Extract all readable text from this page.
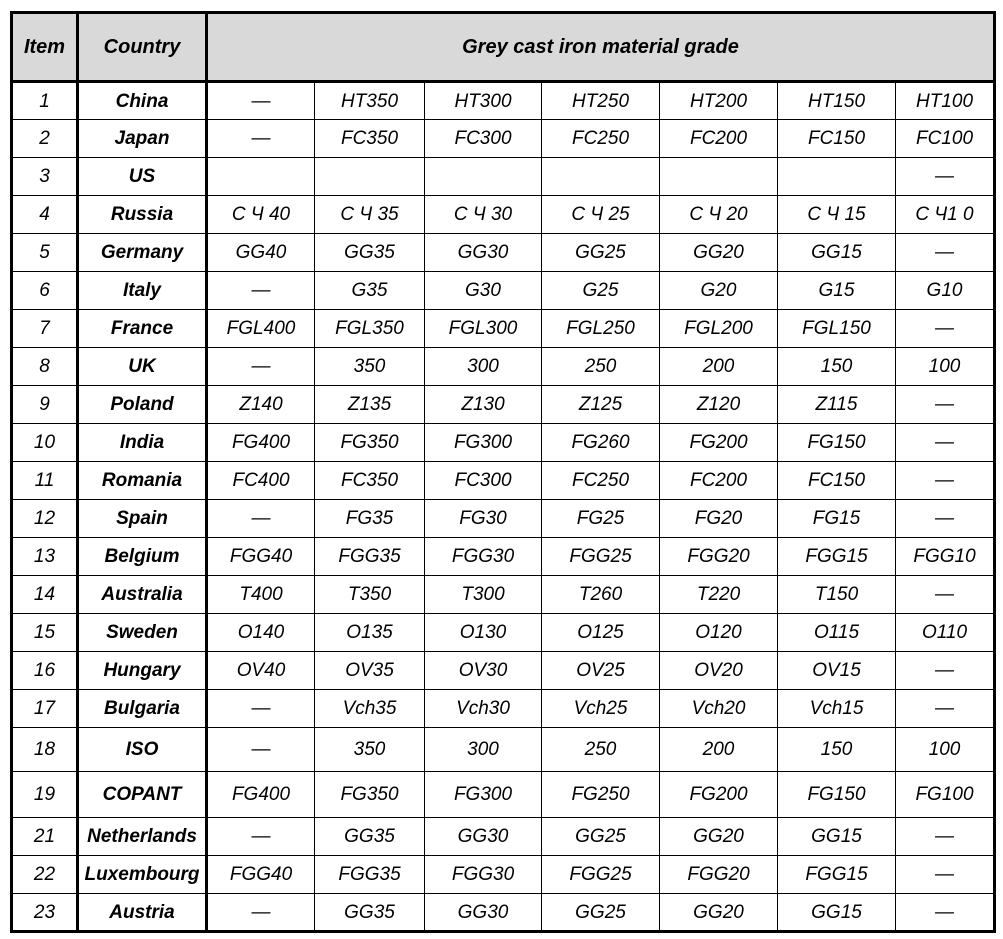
Item	Country	Grey cast iron material grade						
1	China	—	HT350	HT300	HT250	HT200	HT150	HT100
2	Japan	—	FC350	FC300	FC250	FC200	FC150	FC100
3	US							—
4	Russia	С Ч 40	С Ч 35	С Ч 30	С Ч 25	С Ч 20	С Ч 15	С Ч1 0
5	Germany	GG40	GG35	GG30	GG25	GG20	GG15	—
6	Italy	—	G35	G30	G25	G20	G15	G10
7	France	FGL400	FGL350	FGL300	FGL250	FGL200	FGL150	—
8	UK	—	350	300	250	200	150	100
9	Poland	Z140	Z135	Z130	Z125	Z120	Z115	—
10	India	FG400	FG350	FG300	FG260	FG200	FG150	—
11	Romania	FC400	FC350	FC300	FC250	FC200	FC150	—
12	Spain	—	FG35	FG30	FG25	FG20	FG15	—
13	Belgium	FGG40	FGG35	FGG30	FGG25	FGG20	FGG15	FGG10
14	Australia	T400	T350	T300	T260	T220	T150	—
15	Sweden	O140	O135	O130	O125	O120	O115	O110
16	Hungary	OV40	OV35	OV30	OV25	OV20	OV15	—
17	Bulgaria	—	Vch35	Vch30	Vch25	Vch20	Vch15	—
18	ISO	—	350	300	250	200	150	100
19	COPANT	FG400	FG350	FG300	FG250	FG200	FG150	FG100
21	Netherlands	—	GG35	GG30	GG25	GG20	GG15	—
22	Luxembourg	FGG40	FGG35	FGG30	FGG25	FGG20	FGG15	—
23	Austria	—	GG35	GG30	GG25	GG20	GG15	—
